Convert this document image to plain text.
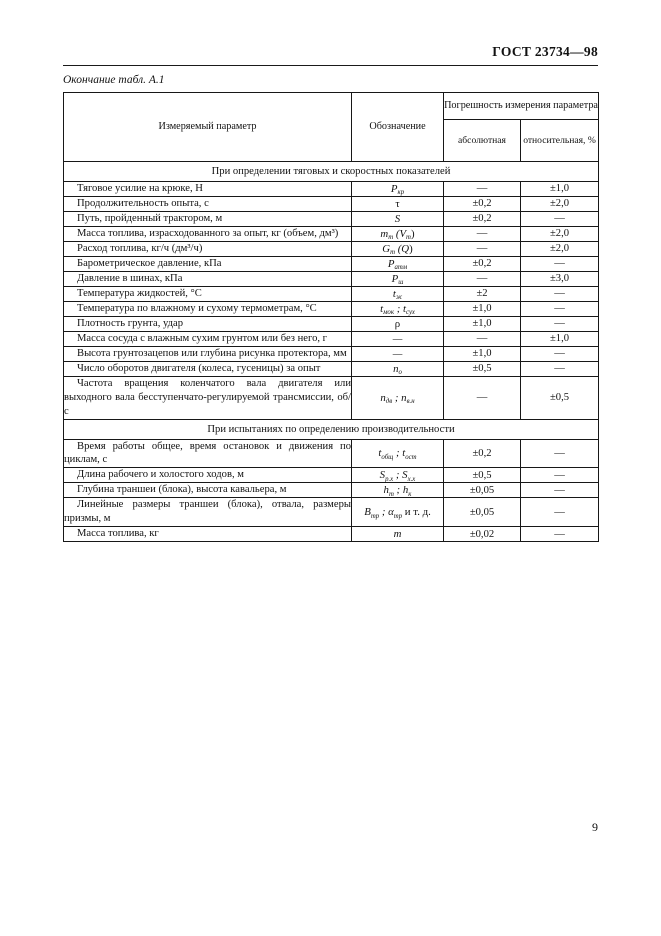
ГОСТ 23734—98
Окончание табл. А.1
Измеряемый параметр	Обозначение	Погрешность измерения параметра	
		абсолютная	относительная, %
При определении тяговых и скоростных показателей			
Тяговое усилие на крюке, Н	$P_{кр}$	—	±1,0
Продолжительность опыта, с	τ	±0,2	±2,0
Путь, пройденный трактором, м	S	±0,2	—
Масса топлива, израсходованного за опыт, кг (объем, дм³)	$m_т$ $(V_т)$	—	±2,0
Расход топлива, кг/ч (дм³/ч)	$G_т$ (Q)	—	±2,0
Барометрическое давление, кПа	$P_{атм}$	±0,2	—
Давление в шинах, кПа	$P_ш$	—	±3,0
Температура жидкостей, °C	$t_ж$	±2	—
Температура по влажному и сухому термометрам, °C	$t_{мок}$ ; $t_{сух}$	±1,0	—
Плотность грунта, удар	ρ	±1,0	—
Масса сосуда с влажным сухим грунтом или без него, г	—	—	±1,0
Высота грунтозацепов или глубина рисунка протектора, мм	—	±1,0	—
Число оборотов двигателя (колеса, гусеницы) за опыт	$n_о$	±0,5	—
Частота вращения коленчатого вала двигателя или выходного вала бесступенчато-регулируемой трансмиссии, об/с	$n_{дв}$ ; $n_{в.н}$	—	±0,5
При испытаниях по определению производительности			
Время работы общее, время остановок и движения по циклам, с	$t_{общ}$ ; $t_{ост}$	±0,2	—
Длина рабочего и холостого ходов, м	$S_{р.х}$ ; $S_{х.х}$	±0,5	—
Глубина траншеи (блока), высота кавальера, м	$h_т$ ; $h_к$	±0,05	—
Линейные размеры траншеи (блока), отвала, размеры призмы, м	$B_{тр}$ ; $\alpha_{тр}$ и т. д.	±0,05	—
Масса топлива, кг	m	±0,02	—
9
